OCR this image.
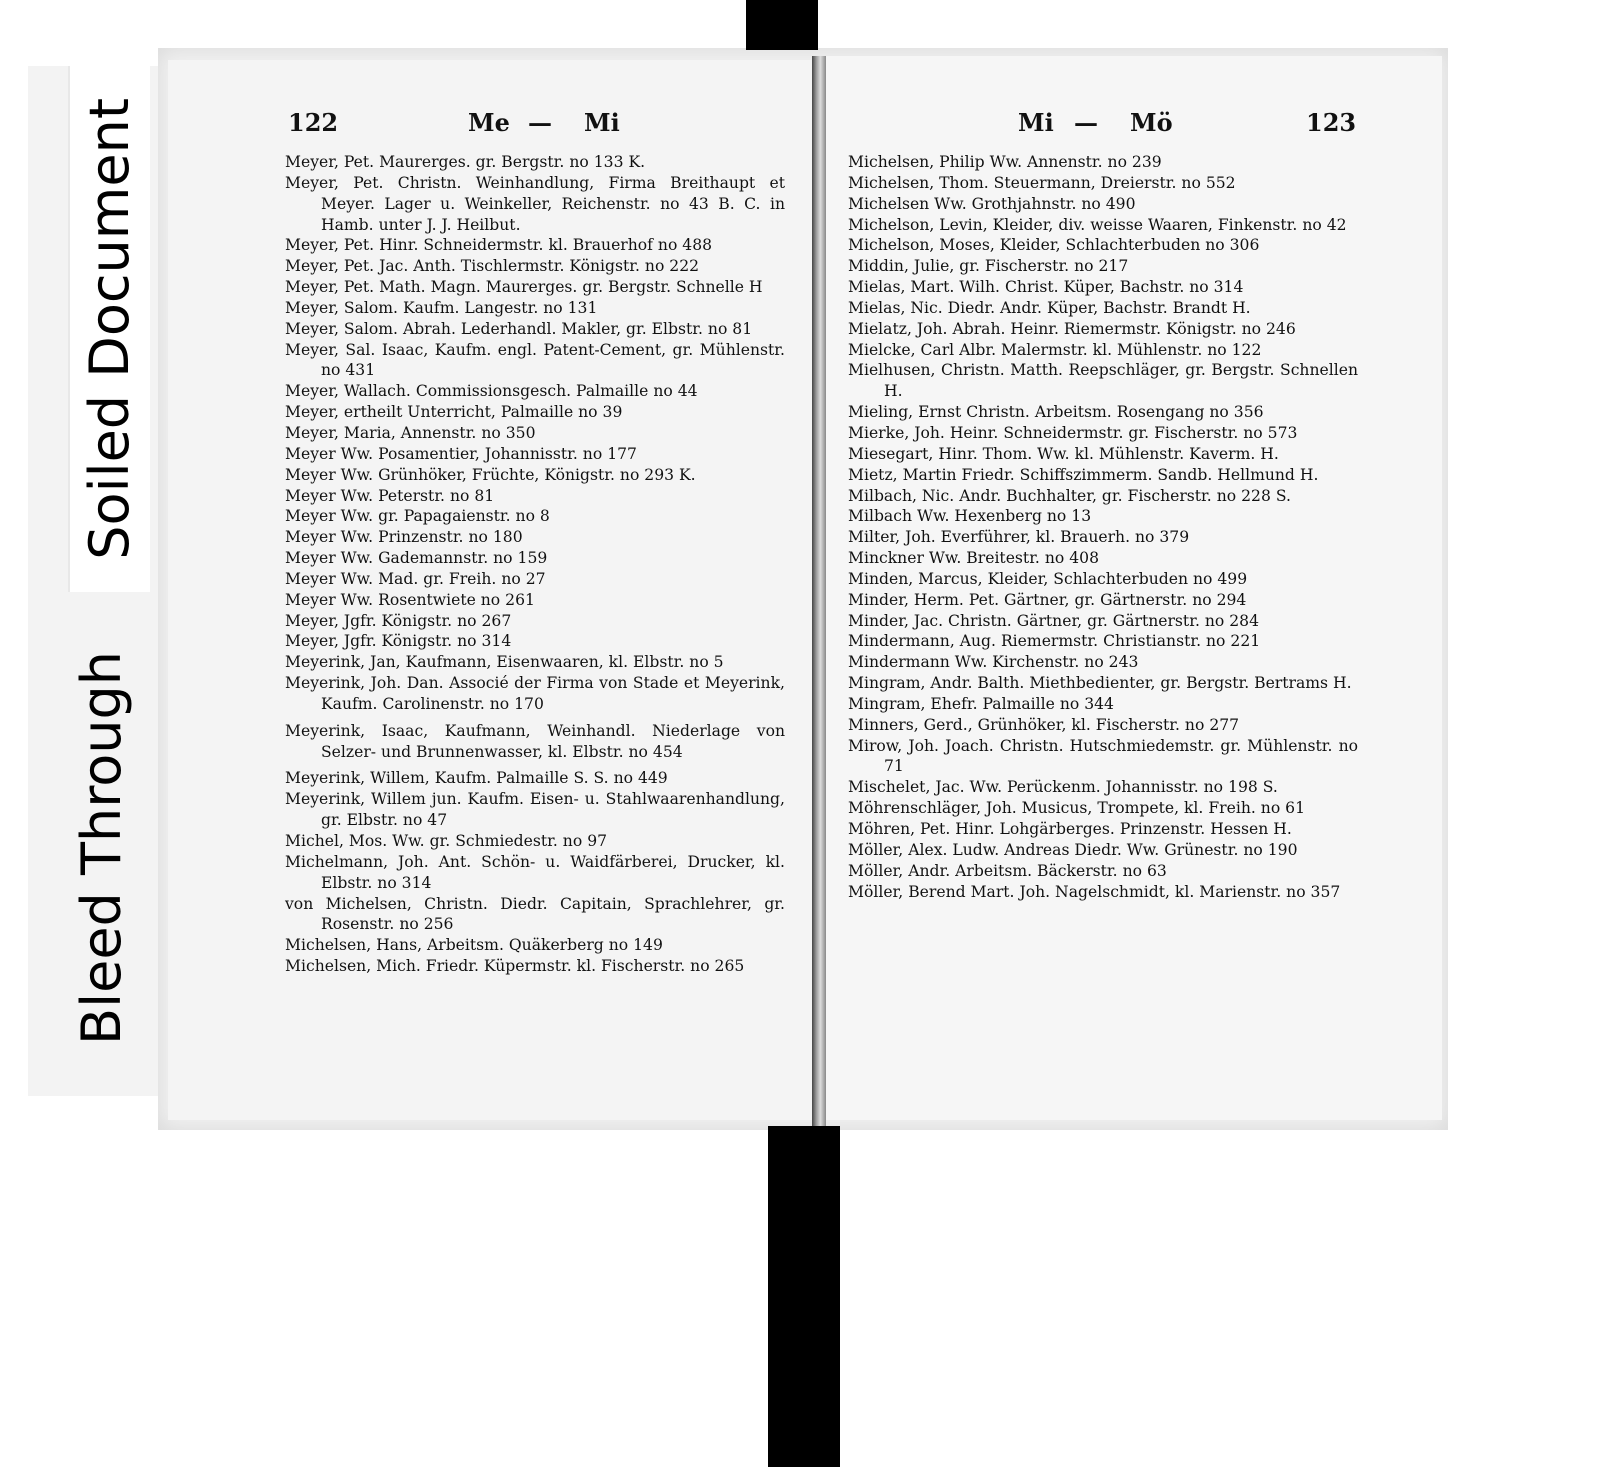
Soiled Document
Bleed Through
122	Me — Mi	Mi — Mö	123

Meyer, Pet. Maurerges. gr. Bergstr. no 133 K.

Meyer, Pet. Christn. Weinhandlung, Firma Breithaupt et Meyer. Lager u. Weinkeller, Reichenstr. no 43 B. C. in Hamb. unter J. J. Heilbut.

Meyer, Pet. Hinr. Schneidermstr. kl. Brauerhof no 488

Meyer, Pet. Jac. Anth. Tischlermstr. Königstr. no 222

Meyer, Pet. Math. Magn. Maurerges. gr. Bergstr. Schnelle H

Meyer, Salom. Kaufm. Langestr. no 131

Meyer, Salom. Abrah. Lederhandl. Makler, gr. Elbstr. no 81

Meyer, Sal. Isaac, Kaufm. engl. Patent-Cement, gr. Mühlenstr. no 431

Meyer, Wallach. Commissionsgesch. Palmaille no 44

Meyer, ertheilt Unterricht, Palmaille no 39

Meyer, Maria, Annenstr. no 350

Meyer Ww. Posamentier, Johannisstr. no 177

Meyer Ww. Grünhöker, Früchte, Königstr. no 293 K.

Meyer Ww. Peterstr. no 81

Meyer Ww. gr. Papagaienstr. no 8

Meyer Ww. Prinzenstr. no 180

Meyer Ww. Gademannstr. no 159

Meyer Ww. Mad. gr. Freih. no 27

Meyer Ww. Rosentwiete no 261

Meyer, Jgfr. Königstr. no 267

Meyer, Jgfr. Königstr. no 314

Meyerink, Jan, Kaufmann, Eisenwaaren, kl. Elbstr. no 5

Meyerink, Joh. Dan. Associé der Firma von Stade et Meyerink, Kaufm. Carolinenstr. no 170

Meyerink, Isaac, Kaufmann, Weinhandl. Niederlage von Selzer- und Brunnenwasser, kl. Elbstr. no 454

Meyerink, Willem, Kaufm. Palmaille S. S. no 449

Meyerink, Willem jun. Kaufm. Eisen- u. Stahlwaarenhandlung, gr. Elbstr. no 47

Michel, Mos. Ww. gr. Schmiedestr. no 97

Michelmann, Joh. Ant. Schön- u. Waidfärberei, Drucker, kl. Elbstr. no 314

von Michelsen, Christn. Diedr. Capitain, Sprachlehrer, gr. Rosenstr. no 256

Michelsen, Hans, Arbeitsm. Quäkerberg no 149

Michelsen, Mich. Friedr. Küpermstr. kl. Fischerstr. no 265

Michelsen, Philip Ww. Annenstr. no 239

Michelsen, Thom. Steuermann, Dreierstr. no 552

Michelsen Ww. Grothjahnstr. no 490

Michelson, Levin, Kleider, div. weisse Waaren, Finkenstr. no 42

Michelson, Moses, Kleider, Schlachterbuden no 306

Middin, Julie, gr. Fischerstr. no 217

Mielas, Mart. Wilh. Christ. Küper, Bachstr. no 314

Mielas, Nic. Diedr. Andr. Küper, Bachstr. Brandt H.

Mielatz, Joh. Abrah. Heinr. Riemermstr. Königstr. no 246

Mielcke, Carl Albr. Malermstr. kl. Mühlenstr. no 122

Mielhusen, Christn. Matth. Reepschläger, gr. Bergstr. Schnellen H.

Mieling, Ernst Christn. Arbeitsm. Rosengang no 356

Mierke, Joh. Heinr. Schneidermstr. gr. Fischerstr. no 573

Miesegart, Hinr. Thom. Ww. kl. Mühlenstr. Kaverm. H.

Mietz, Martin Friedr. Schiffszimmerm. Sandb. Hellmund H.

Milbach, Nic. Andr. Buchhalter, gr. Fischerstr. no 228 S.

Milbach Ww. Hexenberg no 13

Milter, Joh. Everführer, kl. Brauerh. no 379

Minckner Ww. Breitestr. no 408

Minden, Marcus, Kleider, Schlachterbuden no 499

Minder, Herm. Pet. Gärtner, gr. Gärtnerstr. no 294

Minder, Jac. Christn. Gärtner, gr. Gärtnerstr. no 284

Mindermann, Aug. Riemermstr. Christianstr. no 221

Mindermann Ww. Kirchenstr. no 243

Mingram, Andr. Balth. Miethbedienter, gr. Bergstr. Bertrams H.

Mingram, Ehefr. Palmaille no 344

Minners, Gerd., Grünhöker, kl. Fischerstr. no 277

Mirow, Joh. Joach. Christn. Hutschmiedemstr. gr. Mühlenstr. no 71

Mischelet, Jac. Ww. Perückenm. Johannisstr. no 198 S.

Möhrenschläger, Joh. Musicus, Trompete, kl. Freih. no 61

Möhren, Pet. Hinr. Lohgärberges. Prinzenstr. Hessen H.

Möller, Alex. Ludw. Andreas Diedr. Ww. Grünestr. no 190

Möller, Andr. Arbeitsm. Bäckerstr. no 63

Möller, Berend Mart. Joh. Nagelschmidt, kl. Marienstr. no 357
